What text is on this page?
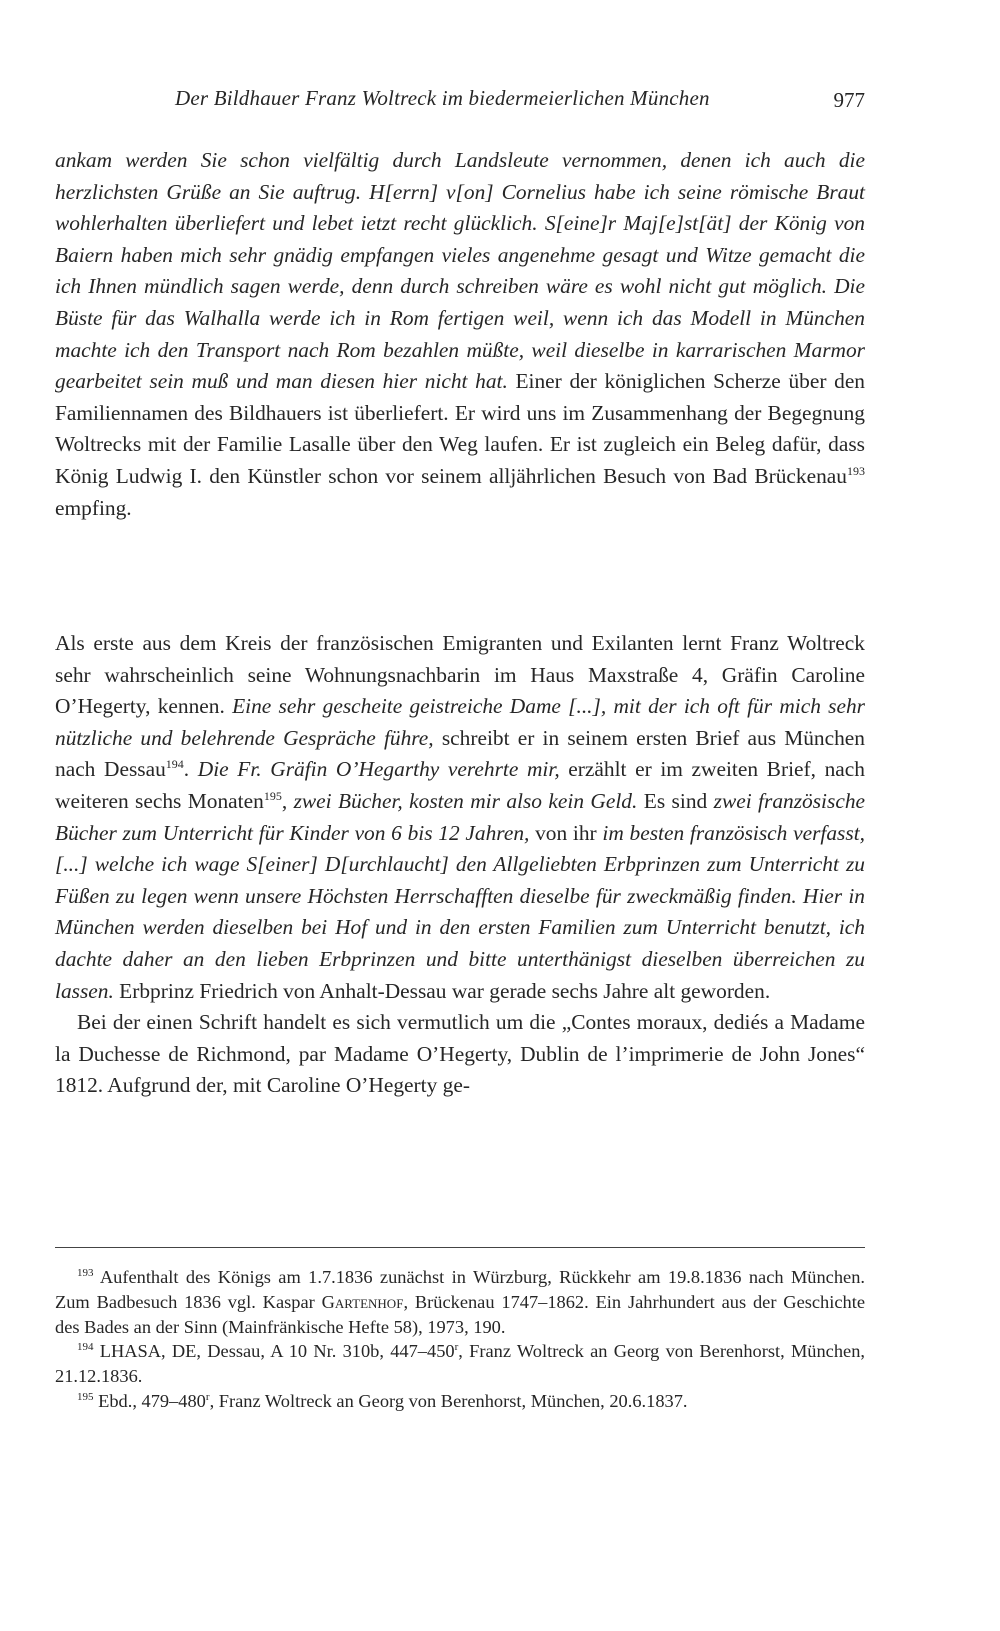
Der Bildhauer Franz Woltreck im biedermeierlichen München	977

ankam werden Sie schon vielfältig durch Landsleute vernommen, denen ich auch die herzlichsten Grüße an Sie auftrug. H[errn] v[on] Cornelius habe ich seine römische Braut wohlerhalten überliefert und lebet ietzt recht glücklich. S[eine]r Maj[e]st[ät] der König von Baiern haben mich sehr gnädig empfangen vieles angenehme gesagt und Witze gemacht die ich Ihnen mündlich sagen werde, denn durch schreiben wäre es wohl nicht gut möglich. Die Büste für das Walhalla werde ich in Rom fertigen weil, wenn ich das Modell in München machte ich den Transport nach Rom bezahlen müßte, weil dieselbe in karrarischen Marmor gearbeitet sein muß und man diesen hier nicht hat. Einer der königlichen Scherze über den Familiennamen des Bildhauers ist überliefert. Er wird uns im Zusammenhang der Begegnung Woltrecks mit der Familie Lasalle über den Weg laufen. Er ist zugleich ein Beleg dafür, dass König Ludwig I. den Künstler schon vor seinem alljährlichen Besuch von Bad Brückenau$^{193}$ empfing.

Als erste aus dem Kreis der französischen Emigranten und Exilanten lernt Franz Woltreck sehr wahrscheinlich seine Wohnungsnachbarin im Haus Maxstraße 4, Gräfin Caroline O’Hegerty, kennen. Eine sehr gescheite geistreiche Dame [...], mit der ich oft für mich sehr nützliche und belehrende Gespräche führe, schreibt er in seinem ersten Brief aus München nach Dessau$^{194}$. Die Fr. Gräfin O’Hegarthy verehrte mir, erzählt er im zweiten Brief, nach weiteren sechs Monaten$^{195}$, zwei Bücher, kosten mir also kein Geld. Es sind zwei französische Bücher zum Unterricht für Kinder von 6 bis 12 Jahren, von ihr im besten französisch verfasst, [...] welche ich wage S[einer] D[urchlaucht] den Allgeliebten Erbprinzen zum Unterricht zu Füßen zu legen wenn unsere Höchsten Herrschafften dieselbe für zweckmäßig finden. Hier in München werden dieselben bei Hof und in den ersten Familien zum Unterricht benutzt, ich dachte daher an den lieben Erbprinzen und bitte unterthänigst dieselben überreichen zu lassen. Erbprinz Friedrich von Anhalt-Dessau war gerade sechs Jahre alt geworden.

Bei der einen Schrift handelt es sich vermutlich um die „Contes moraux, dediés a Madame la Duchesse de Richmond, par Madame O’Hegerty, Dublin de l’imprimerie de John Jones“ 1812. Aufgrund der, mit Caroline O’Hegerty ge-

$^{193}$ Aufenthalt des Königs am 1.7.1836 zunächst in Würzburg, Rückkehr am 19.8.1836 nach München. Zum Badbesuch 1836 vgl. Kaspar Gartenhof, Brückenau 1747–1862. Ein Jahrhundert aus der Geschichte des Bades an der Sinn (Mainfränkische Hefte 58), 1973, 190.

$^{194}$ LHASA, DE, Dessau, A 10 Nr. 310b, 447–450$^r$, Franz Woltreck an Georg von Berenhorst, München, 21.12.1836.

$^{195}$ Ebd., 479–480$^r$, Franz Woltreck an Georg von Berenhorst, München, 20.6.1837.
